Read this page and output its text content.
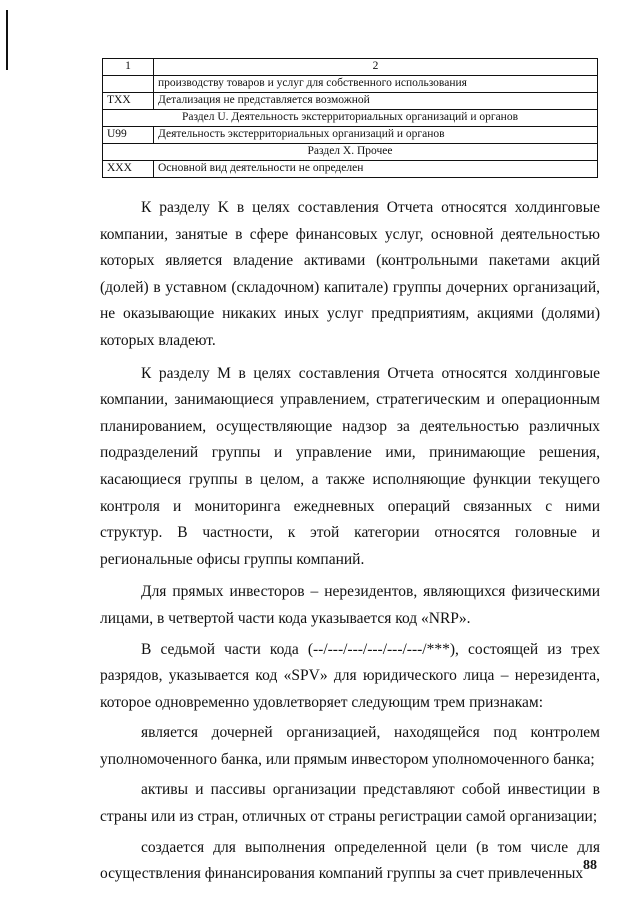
1	2
	производству товаров и услуг для собственного использования
TXX	Детализация не представляется возможной
Раздел U. Деятельность экстерриториальных организаций и органов	
U99	Деятельность экстерриториальных организаций и органов
Раздел X. Прочее	
XXX	Основной вид деятельности не определен

К разделу K в целях составления Отчета относятся холдинговые компании, занятые в сфере финансовых услуг, основной деятельностью которых является владение активами (контрольными пакетами акций (долей) в уставном (складочном) капитале) группы дочерних организаций, не оказывающие никаких иных услуг предприятиям, акциями (долями) которых владеют.

К разделу M в целях составления Отчета относятся холдинговые компании, занимающиеся управлением, стратегическим и операционным планированием, осуществляющие надзор за деятельностью различных подразделений группы и управление ими, принимающие решения, касающиеся группы в целом, а также исполняющие функции текущего контроля и мониторинга ежедневных операций связанных с ними структур. В частности, к этой категории относятся головные и региональные офисы группы компаний.

Для прямых инвесторов – нерезидентов, являющихся физическими лицами, в четвертой части кода указывается код «NRP».

В седьмой части кода (--/---/---/---/---/---/***), состоящей из трех разрядов, указывается код «SPV» для юридического лица – нерезидента, которое одновременно удовлетворяет следующим трем признакам:

является дочерней организацией, находящейся под контролем уполномоченного банка, или прямым инвестором уполномоченного банка;

активы и пассивы организации представляют собой инвестиции в страны или из стран, отличных от страны регистрации самой организации;

создается для выполнения определенной цели (в том числе для осуществления финансирования компаний группы за счет привлеченных 88
